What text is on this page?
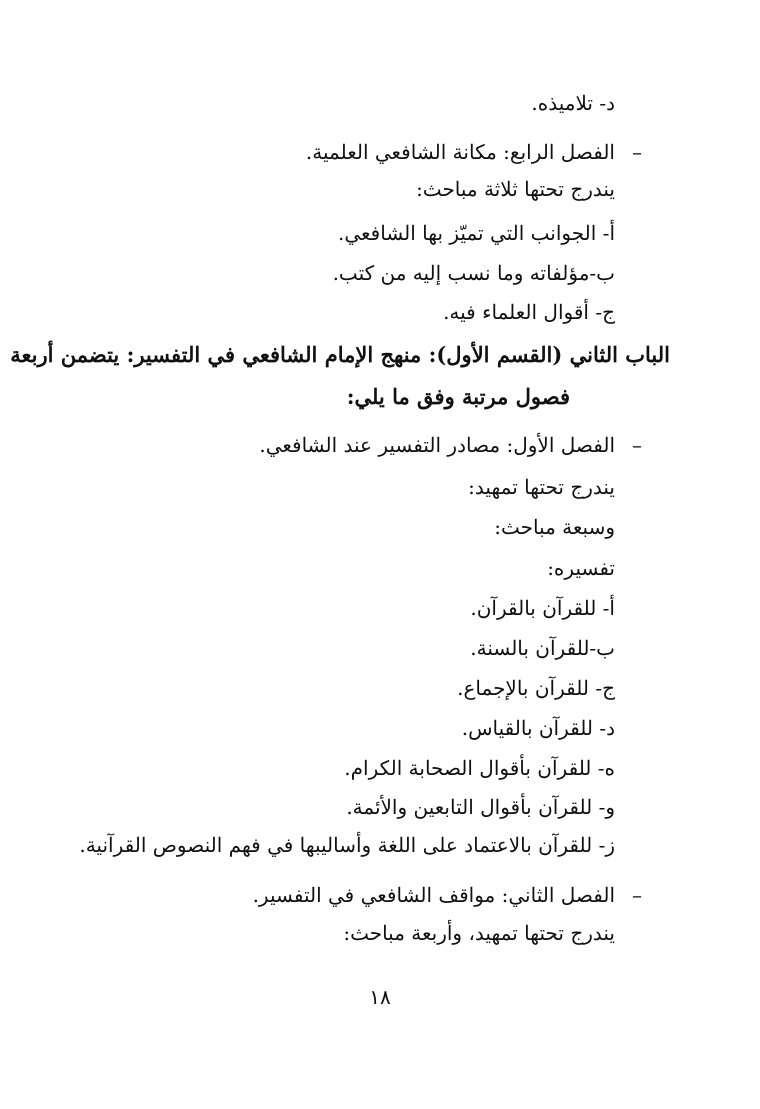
د- تلاميذه.
–
الفصل الرابع: مكانة الشافعي العلمية.
يندرج تحتها ثلاثة مباحث:
أ- الجوانب التي تميّز بها الشافعي.
ب-مؤلفاته وما نسب إليه من كتب.
ج- أقوال العلماء فيه.
الباب الثاني (القسم الأول): منهج الإمام الشافعي في التفسير: يتضمن أربعة
فصول مرتبة وفق ما يلي:
–
الفصل الأول: مصادر التفسير عند الشافعي.
يندرج تحتها تمهيد:
وسبعة مباحث:
تفسيره:
أ- للقرآن بالقرآن.
ب-للقرآن بالسنة.
ج- للقرآن بالإجماع.
د- للقرآن بالقياس.
ه- للقرآن بأقوال الصحابة الكرام.
و- للقرآن بأقوال التابعين والأئمة.
ز- للقرآن بالاعتماد على اللغة وأساليبها في فهم النصوص القرآنية.
–
الفصل الثاني: مواقف الشافعي في التفسير.
يندرج تحتها تمهيد، وأربعة مباحث:
١٨
